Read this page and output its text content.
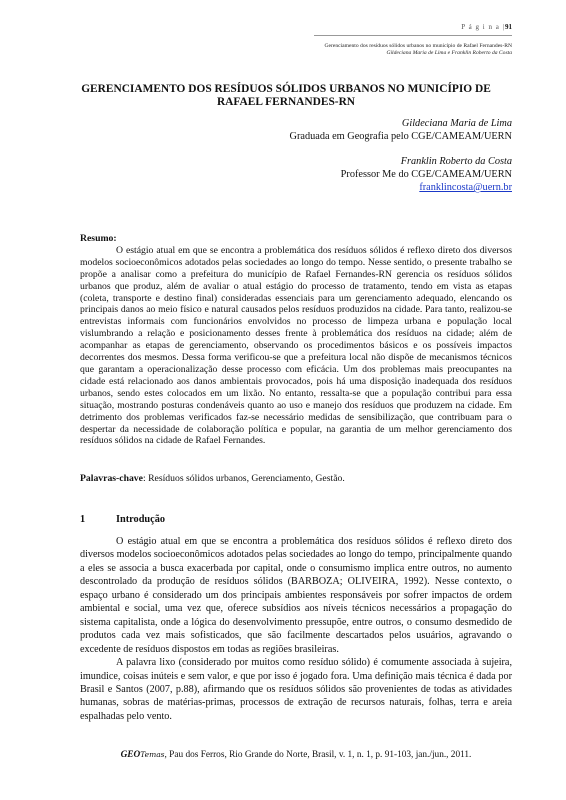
P á g i n a |91
Gerenciamento dos resíduos sólidos urbanos no município de Rafael Fernandes-RN
Gildeciana Maria de Lima e Franklin Roberto da Costa
GERENCIAMENTO DOS RESÍDUOS SÓLIDOS URBANOS NO MUNICÍPIO DE RAFAEL FERNANDES-RN
Gildeciana Maria de Lima
Graduada em Geografia pelo CGE/CAMEAM/UERN
Franklin Roberto da Costa
Professor Me do CGE/CAMEAM/UERN
franklincosta@uern.br
Resumo:
O estágio atual em que se encontra a problemática dos resíduos sólidos é reflexo direto dos diversos modelos socioeconômicos adotados pelas sociedades ao longo do tempo. Nesse sentido, o presente trabalho se propõe a analisar como a prefeitura do município de Rafael Fernandes-RN gerencia os resíduos sólidos urbanos que produz, além de avaliar o atual estágio do processo de tratamento, tendo em vista as etapas (coleta, transporte e destino final) consideradas essenciais para um gerenciamento adequado, elencando os principais danos ao meio físico e natural causados pelos resíduos produzidos na cidade. Para tanto, realizou-se entrevistas informais com funcionários envolvidos no processo de limpeza urbana e população local vislumbrando a relação e posicionamento desses frente à problemática dos resíduos na cidade; além de acompanhar as etapas de gerenciamento, observando os procedimentos básicos e os possíveis impactos decorrentes dos mesmos. Dessa forma verificou-se que a prefeitura local não dispõe de mecanismos técnicos que garantam a operacionalização desse processo com eficácia. Um dos problemas mais preocupantes na cidade está relacionado aos danos ambientais provocados, pois há uma disposição inadequada dos resíduos urbanos, sendo estes colocados em um lixão. No entanto, ressalta-se que a população contribui para essa situação, mostrando posturas condenáveis quanto ao uso e manejo dos resíduos que produzem na cidade. Em detrimento dos problemas verificados faz-se necessário medidas de sensibilização, que contribuam para o despertar da necessidade de colaboração política e popular, na garantia de um melhor gerenciamento dos resíduos sólidos na cidade de Rafael Fernandes.
Palavras-chave: Resíduos sólidos urbanos, Gerenciamento, Gestão.
1	Introdução

O estágio atual em que se encontra a problemática dos resíduos sólidos é reflexo direto dos diversos modelos socioeconômicos adotados pelas sociedades ao longo do tempo, principalmente quando a eles se associa a busca exacerbada por capital, onde o consumismo implica entre outros, no aumento descontrolado da produção de resíduos sólidos (BARBOZA; OLIVEIRA, 1992). Nesse contexto, o espaço urbano é considerado um dos principais ambientes responsáveis por sofrer impactos de ordem ambiental e social, uma vez que, oferece subsídios aos níveis técnicos necessários a propagação do sistema capitalista, onde a lógica do desenvolvimento pressupõe, entre outros, o consumo desmedido de produtos cada vez mais sofisticados, que são facilmente descartados pelos usuários, agravando o excedente de resíduos dispostos em todas as regiões brasileiras.

A palavra lixo (considerado por muitos como resíduo sólido) é comumente associada à sujeira, imundice, coisas inúteis e sem valor, e que por isso é jogado fora. Uma definição mais técnica é dada por Brasil e Santos (2007, p.88), afirmando que os resíduos sólidos são provenientes de todas as atividades humanas, sobras de matérias-primas, processos de extração de recursos naturais, folhas, terra e areia espalhadas pelo vento.

GEOTemas, Pau dos Ferros, Rio Grande do Norte, Brasil, v. 1, n. 1, p. 91-103, jan./jun., 2011.
